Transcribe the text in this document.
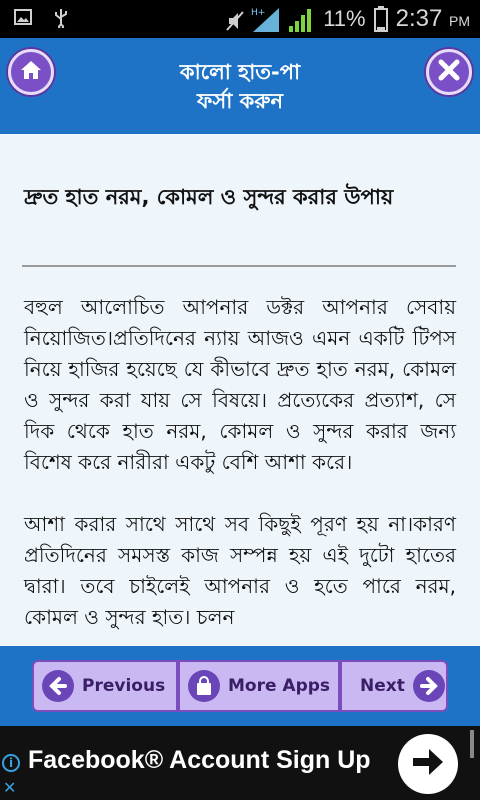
H+	11% 2:37 PM
কালো হাত-পা
ফর্সা করুন
দ্রুত হাত নরম, কোমল ও সুন্দর করার উপায়

বহুল আলোচিত আপনার ডক্টর আপনার সেবায় নিয়োজিত।প্রতিদিনের ন্যায় আজও এমন একটি টিপস নিয়ে হাজির হয়েছে যে কীভাবে দ্রুত হাত নরম, কোমল ও সুন্দর করা যায় সে বিষয়ে। প্রত্যেকের প্রত্যাশ, সে দিক থেকে হাত নরম, কোমল ও সুন্দর করার জন্য বিশেষ করে নারীরা একটু বেশি আশা করে।

আশা করার সাথে সাথে সব কিছুই পূরণ হয় না।কারণ প্রতিদিনের সমসস্ত কাজ সম্পন্ন হয় এই দুটো হাতের দ্বারা। তবে চাইলেই আপনার ও হতে পারে নরম, কোমল ও সুন্দর হাত। চলন

Previous	More Apps Next
i
✕
Facebook® Account Sign Up
